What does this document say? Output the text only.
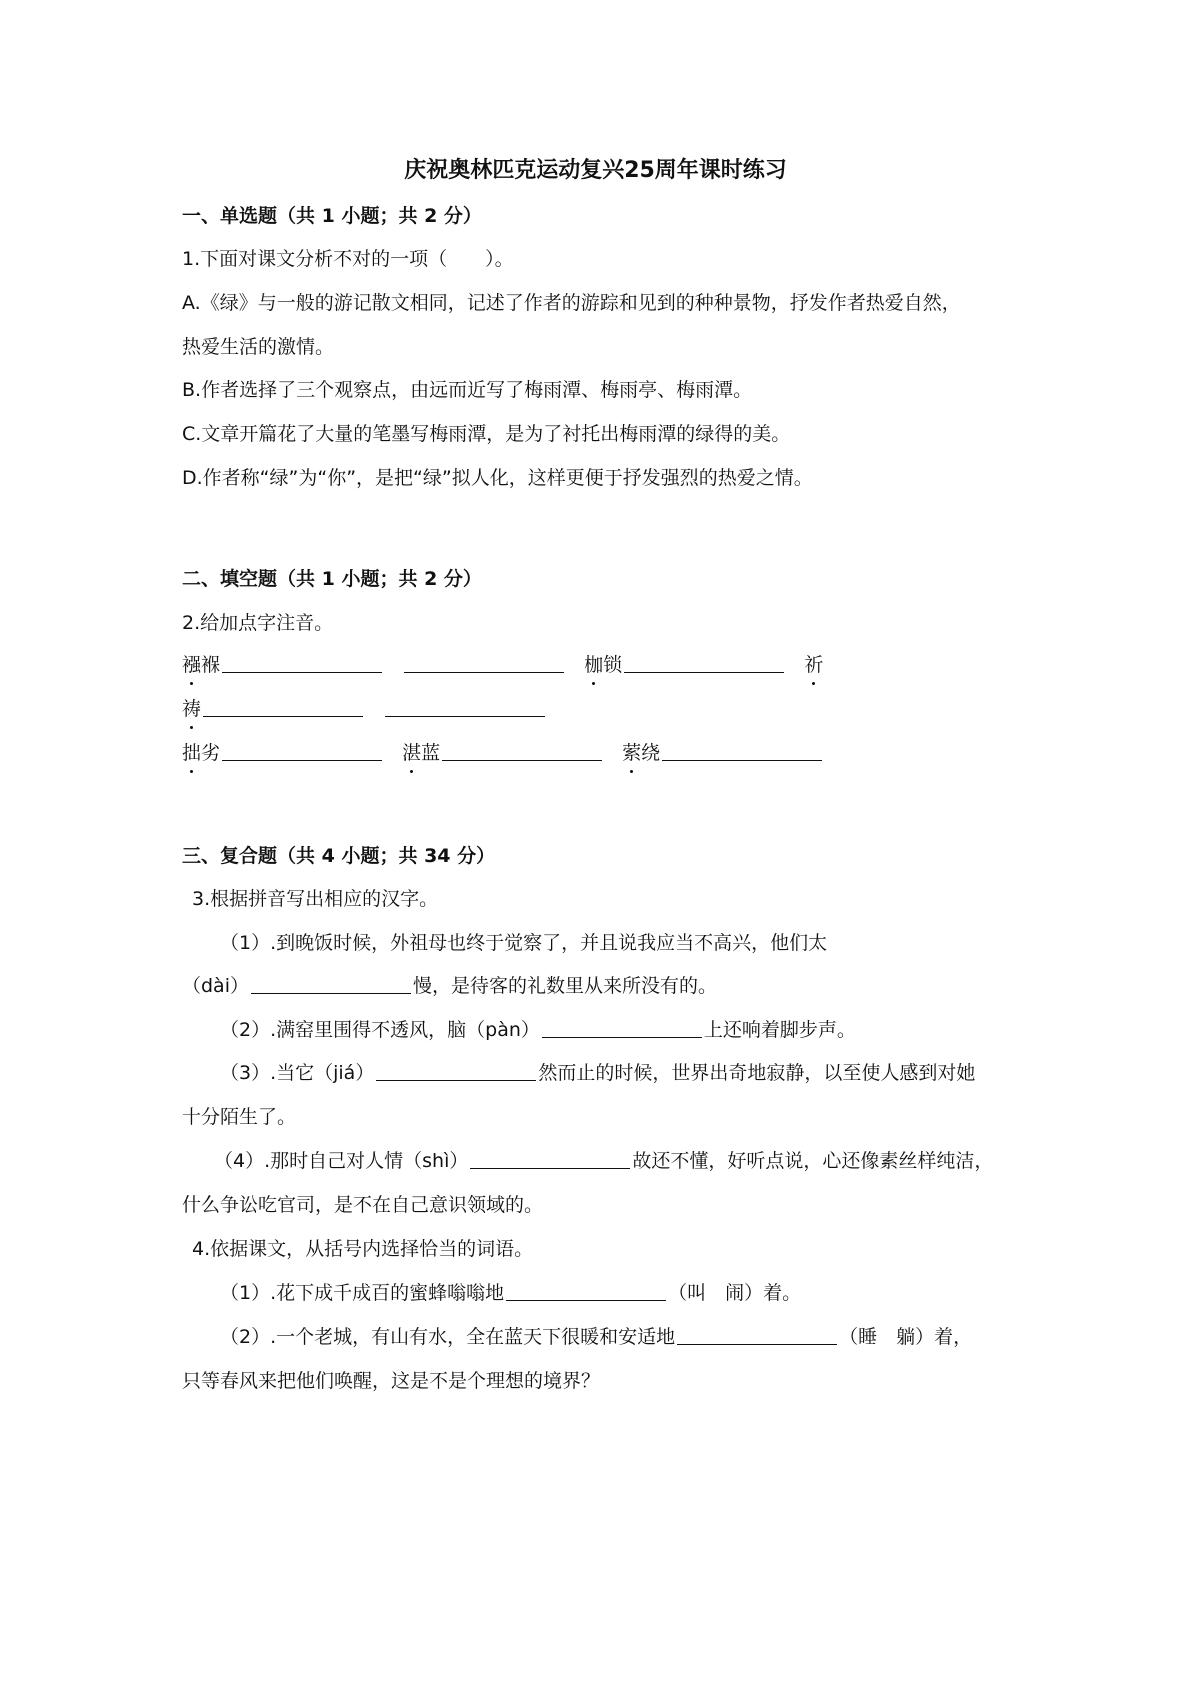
庆祝奥林匹克运动复兴25周年课时练习
一、单选题（共 1 小题；共 2 分）
1.下面对课文分析不对的一项（　　）。
A.《绿》与一般的游记散文相同，记述了作者的游踪和见到的种种景物，抒发作者热爱自然，
热爱生活的激情。
B.作者选择了三个观察点，由远而近写了梅雨潭、梅雨亭、梅雨潭。
C.文章开篇花了大量的笔墨写梅雨潭，是为了衬托出梅雨潭的绿得的美。
D.作者称“绿”为“你”，是把“绿”拟人化，这样更便于抒发强烈的热爱之情。
二、填空题（共 1 小题；共 2 分）
2.给加点字注音。
襁褓	枷锁	祈
祷
拙劣	湛蓝	萦绕
三、复合题（共 4 小题；共 34 分）
3.根据拼音写出相应的汉字。
（1）.到晚饭时候，外祖母也终于觉察了，并且说我应当不高兴，他们太
（dài）	慢，是待客的礼数里从来所没有的。
（2）.满窑里围得不透风，脑（pàn）	上还响着脚步声。
（3）.当它（jiá）	然而止的时候，世界出奇地寂静，以至使人感到对她
十分陌生了。
（4）.那时自己对人情（shì）	故还不懂，好听点说，心还像素丝样纯洁，
什么争讼吃官司，是不在自己意识领域的。
4.依据课文，从括号内选择恰当的词语。
（1）.花下成千成百的蜜蜂嗡嗡地	（叫　闹）着。
（2）.一个老城，有山有水，全在蓝天下很暖和安适地	（睡　躺）着，
只等春风来把他们唤醒，这是不是个理想的境界？
